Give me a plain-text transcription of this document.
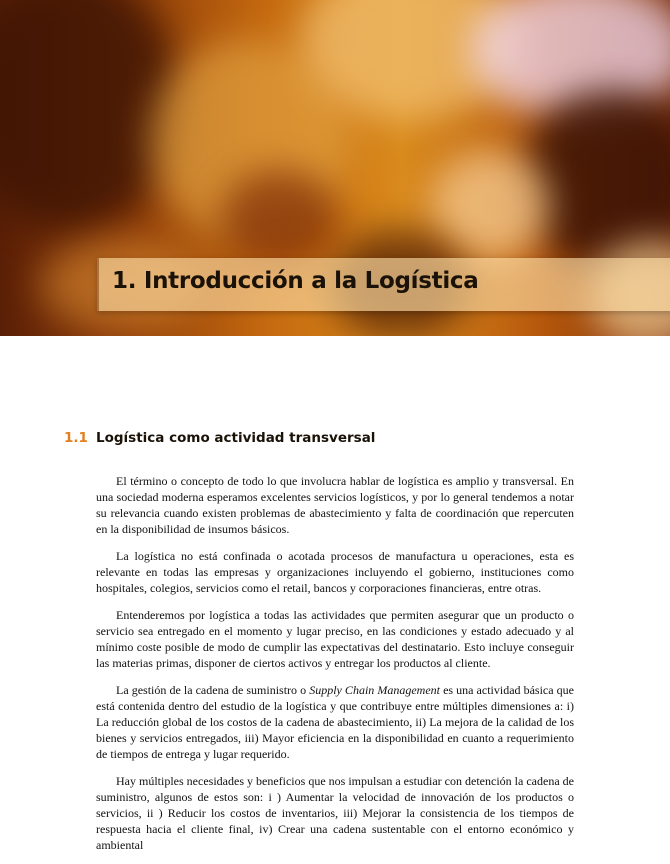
1. Introducción a la Logística
1.1 Logística como actividad transversal

El término o concepto de todo lo que involucra hablar de logística es amplio y transversal. En una sociedad moderna esperamos excelentes servicios logísticos, y por lo general tendemos a notar su relevancia cuando existen problemas de abastecimiento y falta de coordinación que repercuten en la disponibilidad de insumos básicos.

La logística no está confinada o acotada procesos de manufactura u operaciones, esta es relevante en todas las empresas y organizaciones incluyendo el gobierno, instituciones como hospitales, colegios, servicios como el retail, bancos y corporaciones financieras, entre otras.

Entenderemos por logística a todas las actividades que permiten asegurar que un producto o servicio sea entregado en el momento y lugar preciso, en las condiciones y estado adecuado y al mínimo coste posible de modo de cumplir las expectativas del destinatario. Esto incluye conseguir las materias primas, disponer de ciertos activos y entregar los productos al cliente.

La gestión de la cadena de suministro o Supply Chain Management es una actividad básica que está contenida dentro del estudio de la logística y que contribuye entre múltiples dimensiones a: i) La reducción global de los costos de la cadena de abastecimiento, ii) La mejora de la calidad de los bienes y servicios entregados, iii) Mayor eficiencia en la disponibilidad en cuanto a requerimiento de tiempos de entrega y lugar requerido.

Hay múltiples necesidades y beneficios que nos impulsan a estudiar con detención la cadena de suministro, algunos de estos son: i ) Aumentar la velocidad de innovación de los productos o servicios, ii ) Reducir los costos de inventarios, iii) Mejorar la consistencia de los tiempos de respuesta hacia el cliente final, iv) Crear una cadena sustentable con el entorno económico y ambiental
